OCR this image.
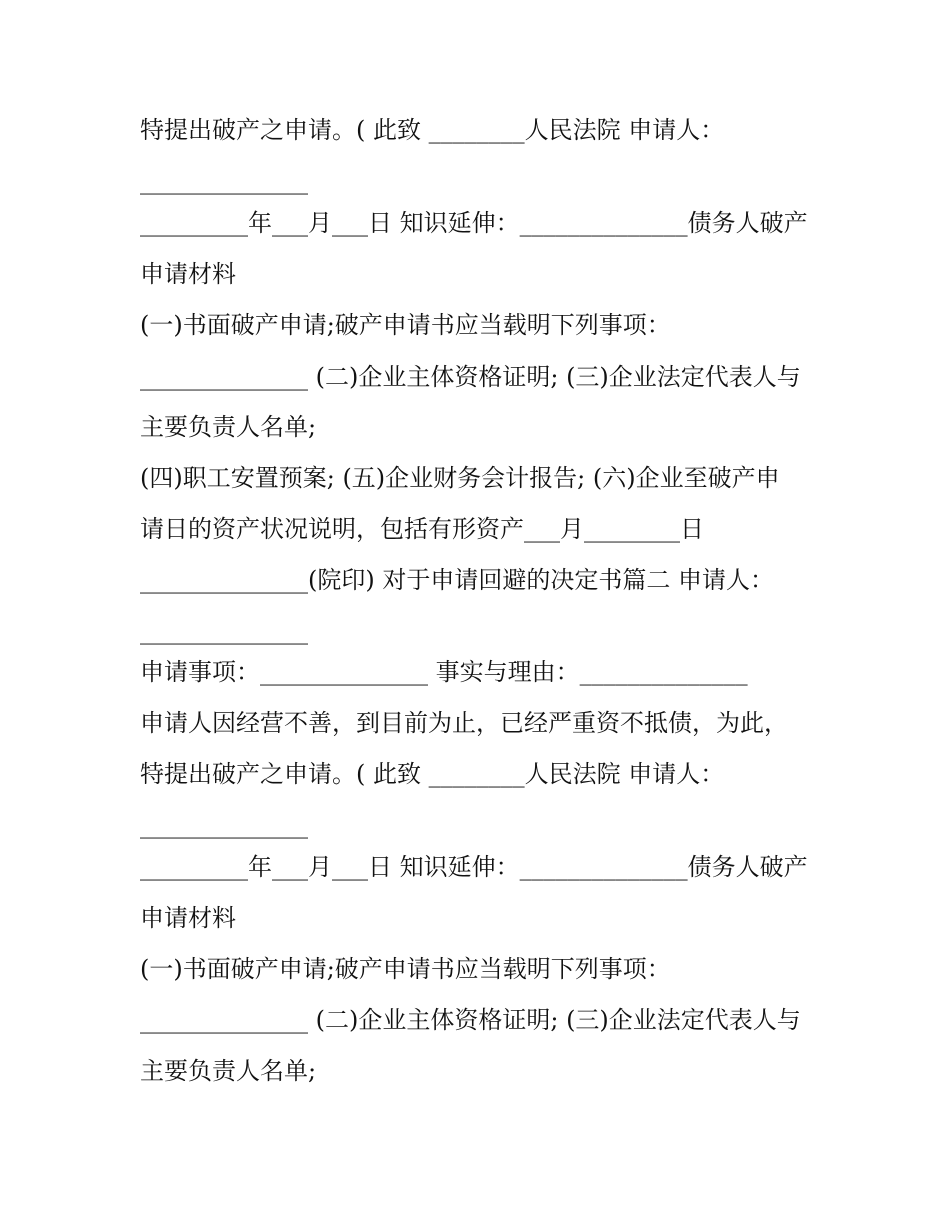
特提出破产之申请。( 此致 ________人民法院 申请人：
______________
_________年___月___日 知识延伸：______________债务人破产
申请材料
(一)书面破产申请;破产申请书应当载明下列事项：
______________ (二)企业主体资格证明; (三)企业法定代表人与
主要负责人名单;
(四)职工安置预案; (五)企业财务会计报告; (六)企业至破产申
请日的资产状况说明，包括有形资产___月________日
______________(院印) 对于申请回避的决定书篇二 申请人：
______________
申请事项：______________ 事实与理由：______________
申请人因经营不善，到目前为止，已经严重资不抵债，为此，
特提出破产之申请。( 此致 ________人民法院 申请人：
______________
_________年___月___日 知识延伸：______________债务人破产
申请材料
(一)书面破产申请;破产申请书应当载明下列事项：
______________ (二)企业主体资格证明; (三)企业法定代表人与
主要负责人名单;
